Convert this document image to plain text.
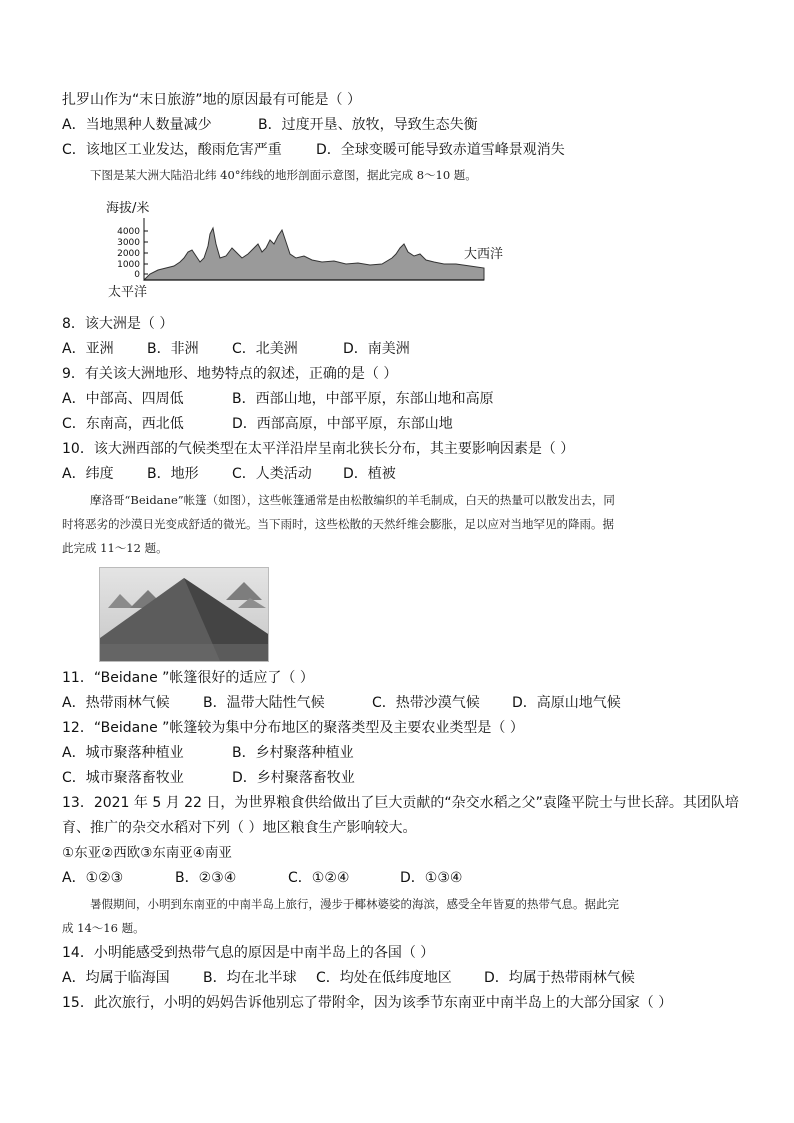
扎罗山作为“末日旅游”地的原因最有可能是（ ）
A．当地黑种人数量减少	B．过度开垦、放牧，导致生态失衡
C．该地区工业发达，酸雨危害严重 D．全球变暖可能导致赤道雪峰景观消失
下图是某大洲大陆沿北纬 40°纬线的地形剖面示意图，据此完成 8～10 题。
海拔/米
4000
3000
2000
1000
0
太平洋
大西洋
8．该大洲是（ ）
A．亚洲 B．非洲 C．北美洲	D．南美洲
9．有关该大洲地形、地势特点的叙述，正确的是（ ）
A．中部高、四周低	B．西部山地，中部平原，东部山地和高原
C．东南高，西北低	D．西部高原，中部平原，东部山地
10．该大洲西部的气候类型在太平洋沿岸呈南北狭长分布，其主要影响因素是（ ）
A．纬度 B．地形 C．人类活动 D．植被
摩洛哥“Beidane”帐篷（如图），这些帐篷通常是由松散编织的羊毛制成，白天的热量可以散发出去，同
时将恶劣的沙漠日光变成舒适的微光。当下雨时，这些松散的天然纤维会膨胀，足以应对当地罕见的降雨。据
此完成 11～12 题。
11．“Beidane ”帐篷很好的适应了（ ）
A．热带雨林气候 B．温带大陆性气候	C．热带沙漠气候 D．高原山地气候
12．“Beidane ”帐篷较为集中分布地区的聚落类型及主要农业类型是（ ）
A．城市聚落种植业	B．乡村聚落种植业
C．城市聚落畜牧业	D．乡村聚落畜牧业
13．2021 年 5 月 22 日，为世界粮食供给做出了巨大贡献的“杂交水稻之父”袁隆平院士与世长辞。其团队培
育、推广的杂交水稻对下列（ ）地区粮食生产影响较大。
①东亚②西欧③东南亚④南亚
A．①②③	B．②③④	C．①②④	D．①③④
暑假期间，小明到东南亚的中南半岛上旅行，漫步于椰林婆娑的海滨，感受全年皆夏的热带气息。据此完
成 14～16 题。
14．小明能感受到热带气息的原因是中南半岛上的各国（ ）
A．均属于临海国 B．均在北半球 C．均处在低纬度地区 D．均属于热带雨林气候
15．此次旅行，小明的妈妈告诉他别忘了带附伞，因为该季节东南亚中南半岛上的大部分国家（ ）
